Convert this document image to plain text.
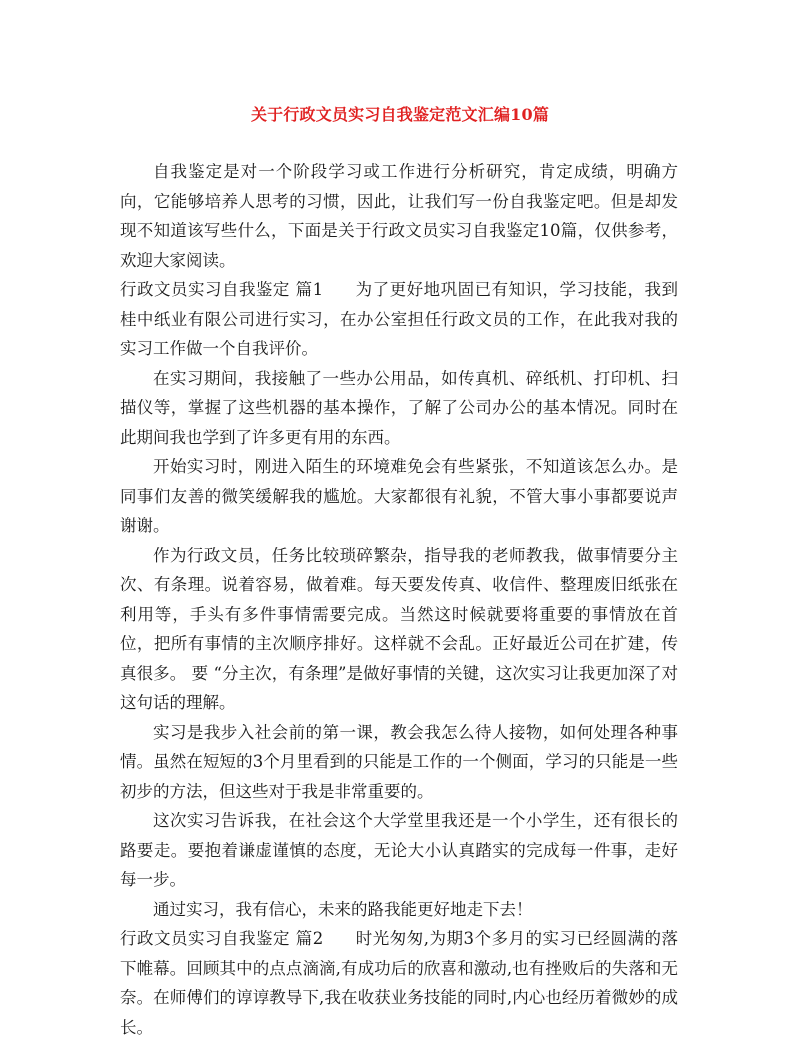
关于行政文员实习自我鉴定范文汇编10篇

自我鉴定是对一个阶段学习或工作进行分析研究，肯定成绩，明确方向，它能够培养人思考的习惯，因此，让我们写一份自我鉴定吧。但是却发现不知道该写些什么，下面是关于行政文员实习自我鉴定10篇，仅供参考，欢迎大家阅读。

行政文员实习自我鉴定 篇1 为了更好地巩固已有知识，学习技能，我到桂中纸业有限公司进行实习，在办公室担任行政文员的工作，在此我对我的实习工作做一个自我评价。

在实习期间，我接触了一些办公用品，如传真机、碎纸机、打印机、扫描仪等，掌握了这些机器的基本操作，了解了公司办公的基本情况。同时在此期间我也学到了许多更有用的东西。

开始实习时，刚进入陌生的环境难免会有些紧张，不知道该怎么办。是同事们友善的微笑缓解我的尴尬。大家都很有礼貌，不管大事小事都要说声谢谢。

作为行政文员，任务比较琐碎繁杂，指导我的老师教我，做事情要分主次、有条理。说着容易，做着难。每天要发传真、收信件、整理废旧纸张在利用等，手头有多件事情需要完成。当然这时候就要将重要的事情放在首位，把所有事情的主次顺序排好。这样就不会乱。正好最近公司在扩建，传真很多。 要 “分主次，有条理”是做好事情的关键，这次实习让我更加深了对这句话的理解。

实习是我步入社会前的第一课，教会我怎么待人接物，如何处理各种事情。虽然在短短的3个月里看到的只能是工作的一个侧面，学习的只能是一些初步的方法，但这些对于我是非常重要的。

这次实习告诉我，在社会这个大学堂里我还是一个小学生，还有很长的路要走。要抱着谦虚谨慎的态度，无论大小认真踏实的完成每一件事，走好每一步。

通过实习，我有信心，未来的路我能更好地走下去！

行政文员实习自我鉴定 篇2 时光匆匆,为期3个多月的实习已经圆满的落下帷幕。回顾其中的点点滴滴,有成功后的欣喜和激动,也有挫败后的失落和无奈。在师傅们的谆谆教导下,我在收获业务技能的同时,内心也经历着微妙的成长。
